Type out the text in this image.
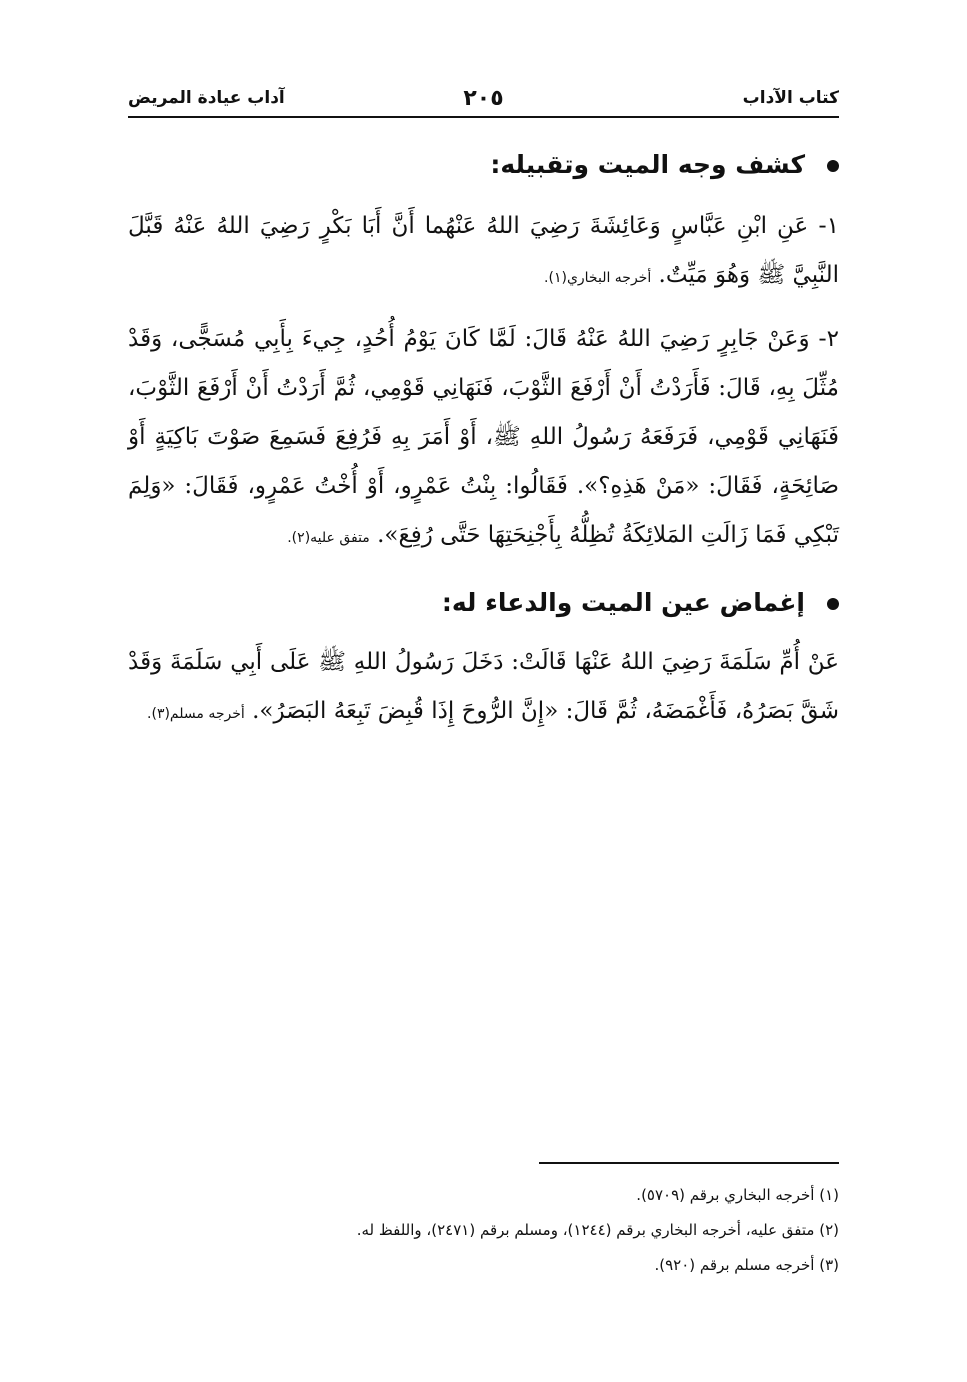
كتاب الآداب
٢٠٥
آداب عيادة المريض
كشف وجه الميت وتقبيله:
١- عَنِ ابْنِ عَبَّاسٍ وَعَائِشَةَ رَضِيَ اللهُ عَنْهُما أَنَّ أَبَا بَكْرٍ رَضِيَ اللهُ عَنْهُ قَبَّلَ النَّبِيَّ ﷺ وَهُوَ مَيِّتٌ. أخرجه البخاري(١).
٢- وَعَنْ جَابِرٍ رَضِيَ اللهُ عَنْهُ قَالَ: لَمَّا كَانَ يَوْمُ أُحُدٍ، جِيءَ بِأَبِي مُسَجًّى، وَقَدْ مُثِّلَ بِهِ، قَالَ: فَأَرَدْتُ أَنْ أَرْفَعَ الثَّوْبَ، فَنَهَانِي قَوْمِي، ثُمَّ أَرَدْتُ أَنْ أَرْفَعَ الثَّوْبَ، فَنَهَانِي قَوْمِي، فَرَفَعَهُ رَسُولُ اللهِ ﷺ، أَوْ أَمَرَ بِهِ فَرُفِعَ فَسَمِعَ صَوْتَ بَاكِيَةٍ أَوْ صَائِحَةٍ، فَقَالَ: «مَنْ هَذِهِ؟». فَقَالُوا: بِنْتُ عَمْرٍو، أَوْ أُخْتُ عَمْرٍو، فَقَالَ: «وَلِمَ تَبْكِي فَمَا زَالَتِ المَلائِكَةُ تُظِلُّهُ بِأَجْنِحَتِهَا حَتَّى رُفِعَ». متفق عليه(٢).
إغماض عين الميت والدعاء له:
عَنْ أُمِّ سَلَمَةَ رَضِيَ اللهُ عَنْهَا قَالَتْ: دَخَلَ رَسُولُ اللهِ ﷺ عَلَى أَبِي سَلَمَةَ وَقَدْ شَقَّ بَصَرُهُ، فَأَغْمَضَهُ، ثُمَّ قَالَ: «إِنَّ الرُّوحَ إِذَا قُبِضَ تَبِعَهُ البَصَرُ». أخرجه مسلم(٣).
(١) أخرجه البخاري برقم (٥٧٠٩).
(٢) متفق عليه، أخرجه البخاري برقم (١٢٤٤)، ومسلم برقم (٢٤٧١)، واللفظ له.
(٣) أخرجه مسلم برقم (٩٢٠).
